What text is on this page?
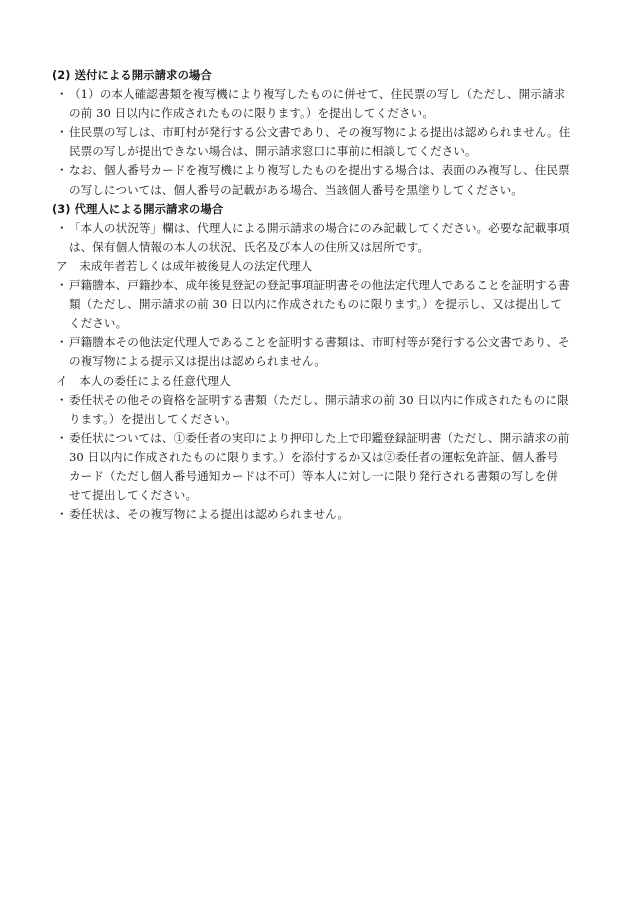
(2) 送付による開示請求の場合

・ （1）の本人確認書類を複写機により複写したものに併せて、住民票の写し（ただし、開示請求
の前 30 日以内に作成されたものに限ります。）を提出してください。
・ 住民票の写しは、市町村が発行する公文書であり、その複写物による提出は認められません。住
民票の写しが提出できない場合は、開示請求窓口に事前に相談してください。
・ なお、個人番号カードを複写機により複写したものを提出する場合は、表面のみ複写し、住民票
の写しについては、個人番号の記載がある場合、当該個人番号を黒塗りしてください。

(3) 代理人による開示請求の場合

・ 「本人の状況等」欄は、代理人による開示請求の場合にのみ記載してください。必要な記載事項
は、保有個人情報の本人の状況、氏名及び本人の住所又は居所です。

ア　未成年者若しくは成年被後見人の法定代理人

・ 戸籍謄本、戸籍抄本、成年後見登記の登記事項証明書その他法定代理人であることを証明する書
類（ただし、開示請求の前 30 日以内に作成されたものに限ります。）を提示し、又は提出して
ください。
・ 戸籍謄本その他法定代理人であることを証明する書類は、市町村等が発行する公文書であり、そ
の複写物による提示又は提出は認められません。

イ　本人の委任による任意代理人

・ 委任状その他その資格を証明する書類（ただし、開示請求の前 30 日以内に作成されたものに限
ります。）を提出してください。
・ 委任状については、①委任者の実印により押印した上で印鑑登録証明書（ただし、開示請求の前
30 日以内に作成されたものに限ります。）を添付するか又は②委任者の運転免許証、個人番号
カード（ただし個人番号通知カードは不可）等本人に対し一に限り発行される書類の写しを併
せて提出してください。
・ 委任状は、その複写物による提出は認められません。
